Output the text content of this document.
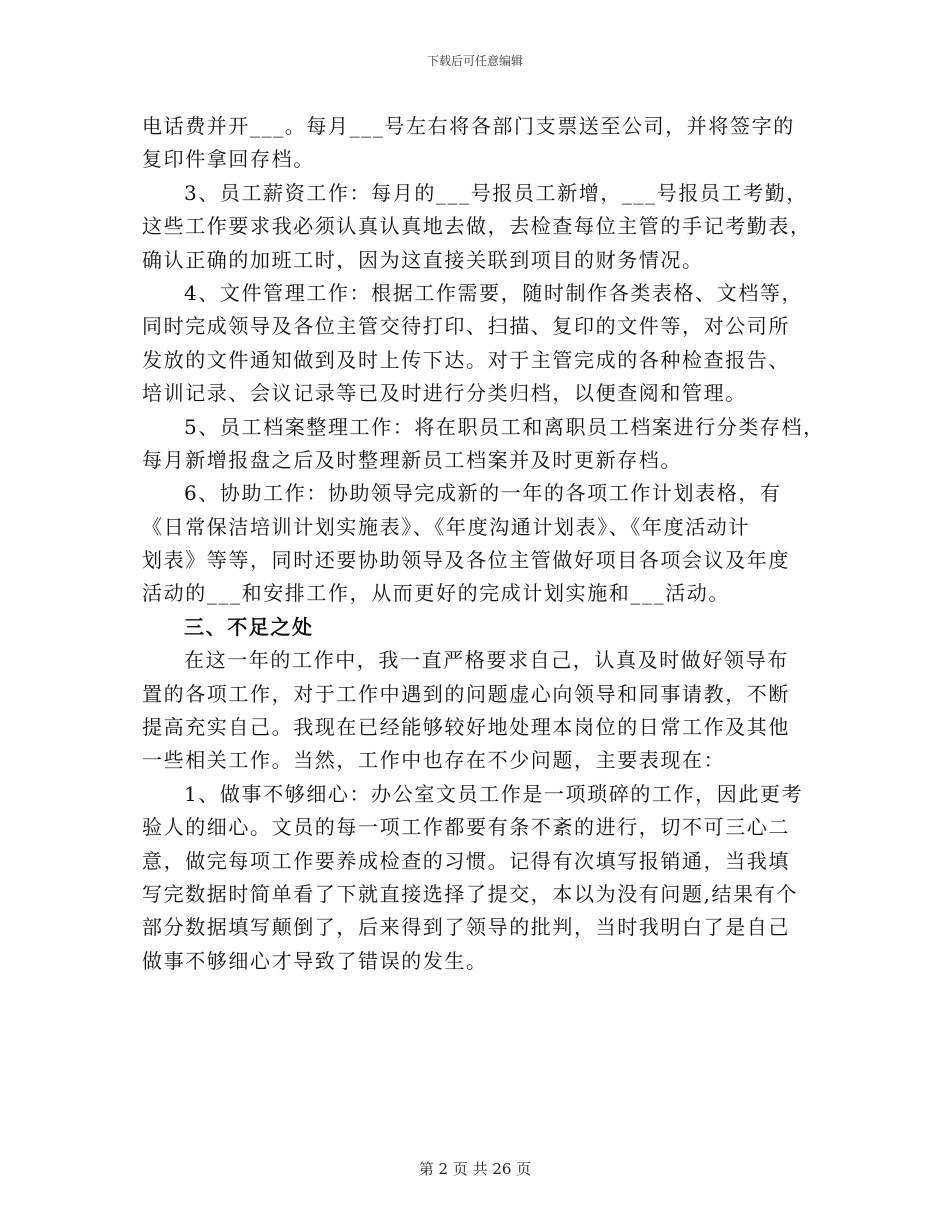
下载后可任意编辑
电话费并开___。每月___号左右将各部门支票送至公司，并将签字的
复印件拿回存档。
3、员工薪资工作：每月的___号报员工新增，___号报员工考勤，
这些工作要求我必须认真认真地去做，去检查每位主管的手记考勤表，
确认正确的加班工时，因为这直接关联到项目的财务情况。
4、文件管理工作：根据工作需要，随时制作各类表格、文档等，
同时完成领导及各位主管交待打印、扫描、复印的文件等，对公司所
发放的文件通知做到及时上传下达。对于主管完成的各种检查报告、
培训记录、会议记录等已及时进行分类归档，以便查阅和管理。
5、员工档案整理工作：将在职员工和离职员工档案进行分类存档，
每月新增报盘之后及时整理新员工档案并及时更新存档。
6、协助工作：协助领导完成新的一年的各项工作计划表格，有
《日常保洁培训计划实施表》、《年度沟通计划表》、《年度活动计
划表》等等，同时还要协助领导及各位主管做好项目各项会议及年度
活动的___和安排工作，从而更好的完成计划实施和___活动。
三、不足之处
在这一年的工作中，我一直严格要求自己，认真及时做好领导布
置的各项工作，对于工作中遇到的问题虚心向领导和同事请教，不断
提高充实自己。我现在已经能够较好地处理本岗位的日常工作及其他
一些相关工作。当然，工作中也存在不少问题，主要表现在：
1、做事不够细心：办公室文员工作是一项琐碎的工作，因此更考
验人的细心。文员的每一项工作都要有条不紊的进行，切不可三心二
意，做完每项工作要养成检查的习惯。记得有次填写报销通，当我填
写完数据时简单看了下就直接选择了提交，本以为没有问题,结果有个
部分数据填写颠倒了，后来得到了领导的批判，当时我明白了是自己
做事不够细心才导致了错误的发生。
第 2 页 共 26 页
